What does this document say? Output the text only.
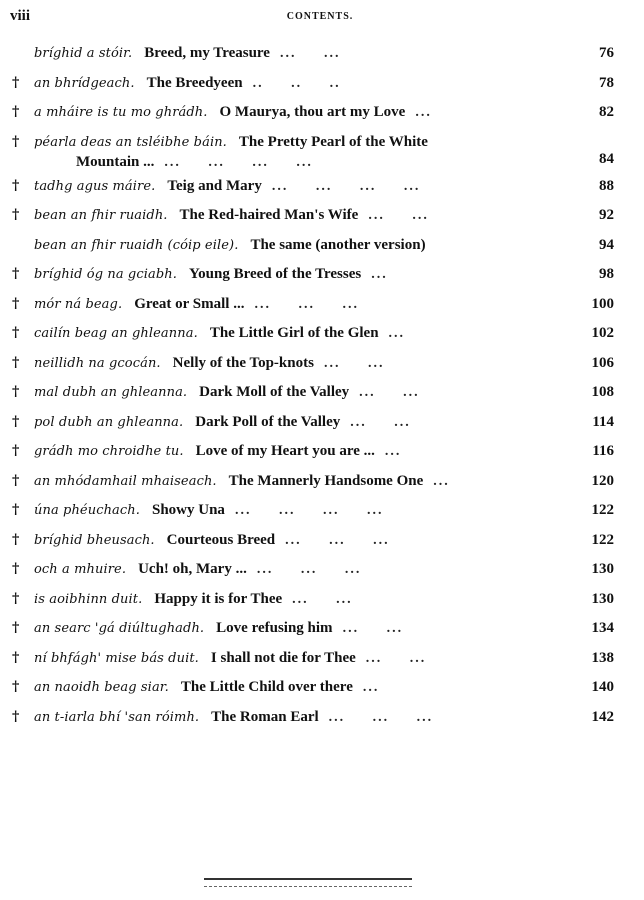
viii	CONTENTS.
bríghid a stóir. Breed, my Treasure ... ...	76
†	an bhrídgeach. The Breedyeen .. .. ..	78
†	a mháire is tu mo ghrádh. O Maurya, thou art my Love ...	82
†	péarla deas an tsléibhe báin. The Pretty Pearl of the White
Mountain ... ... ... ... ...	84
†	tadhg agus máire. Teig and Mary ... ... ... ...	88
†	bean an fhir ruaidh. The Red-haired Man's Wife ... ...	92
bean an fhir ruaidh (cóip eile). The same (another version)	94
†	bríghid óg na gciabh. Young Breed of the Tresses ...	98
†	mór ná beag. Great or Small ... ... ... ...	100
†	cailín beag an ghleanna. The Little Girl of the Glen ...	102
†	neillidh na gcocán. Nelly of the Top-knots ... ...	106
†	mal dubh an ghleanna. Dark Moll of the Valley ... ...	108
†	pol dubh an ghleanna. Dark Poll of the Valley ... ...	114
†	grádh mo chroidhe tu. Love of my Heart you are ... ...	116
†	an mhódamhail mhaiseach. The Mannerly Handsome One ...	120
†	úna phéuchach. Showy Una ... ... ... ...	122
†	bríghid bheusach. Courteous Breed ... ... ...	122
†	och a mhuire. Uch! oh, Mary ... ... ... ...	130
†	is aoibhinn duit. Happy it is for Thee ... ...	130
†	an searc 'gá diúltughadh. Love refusing him ... ...	134
†	ní bhfágh' mise bás duit. I shall not die for Thee ... ...	138
†	an naoidh beag siar. The Little Child over there ...	140
†	an t-iarla bhí 'san róimh. The Roman Earl ... ... ...	142
